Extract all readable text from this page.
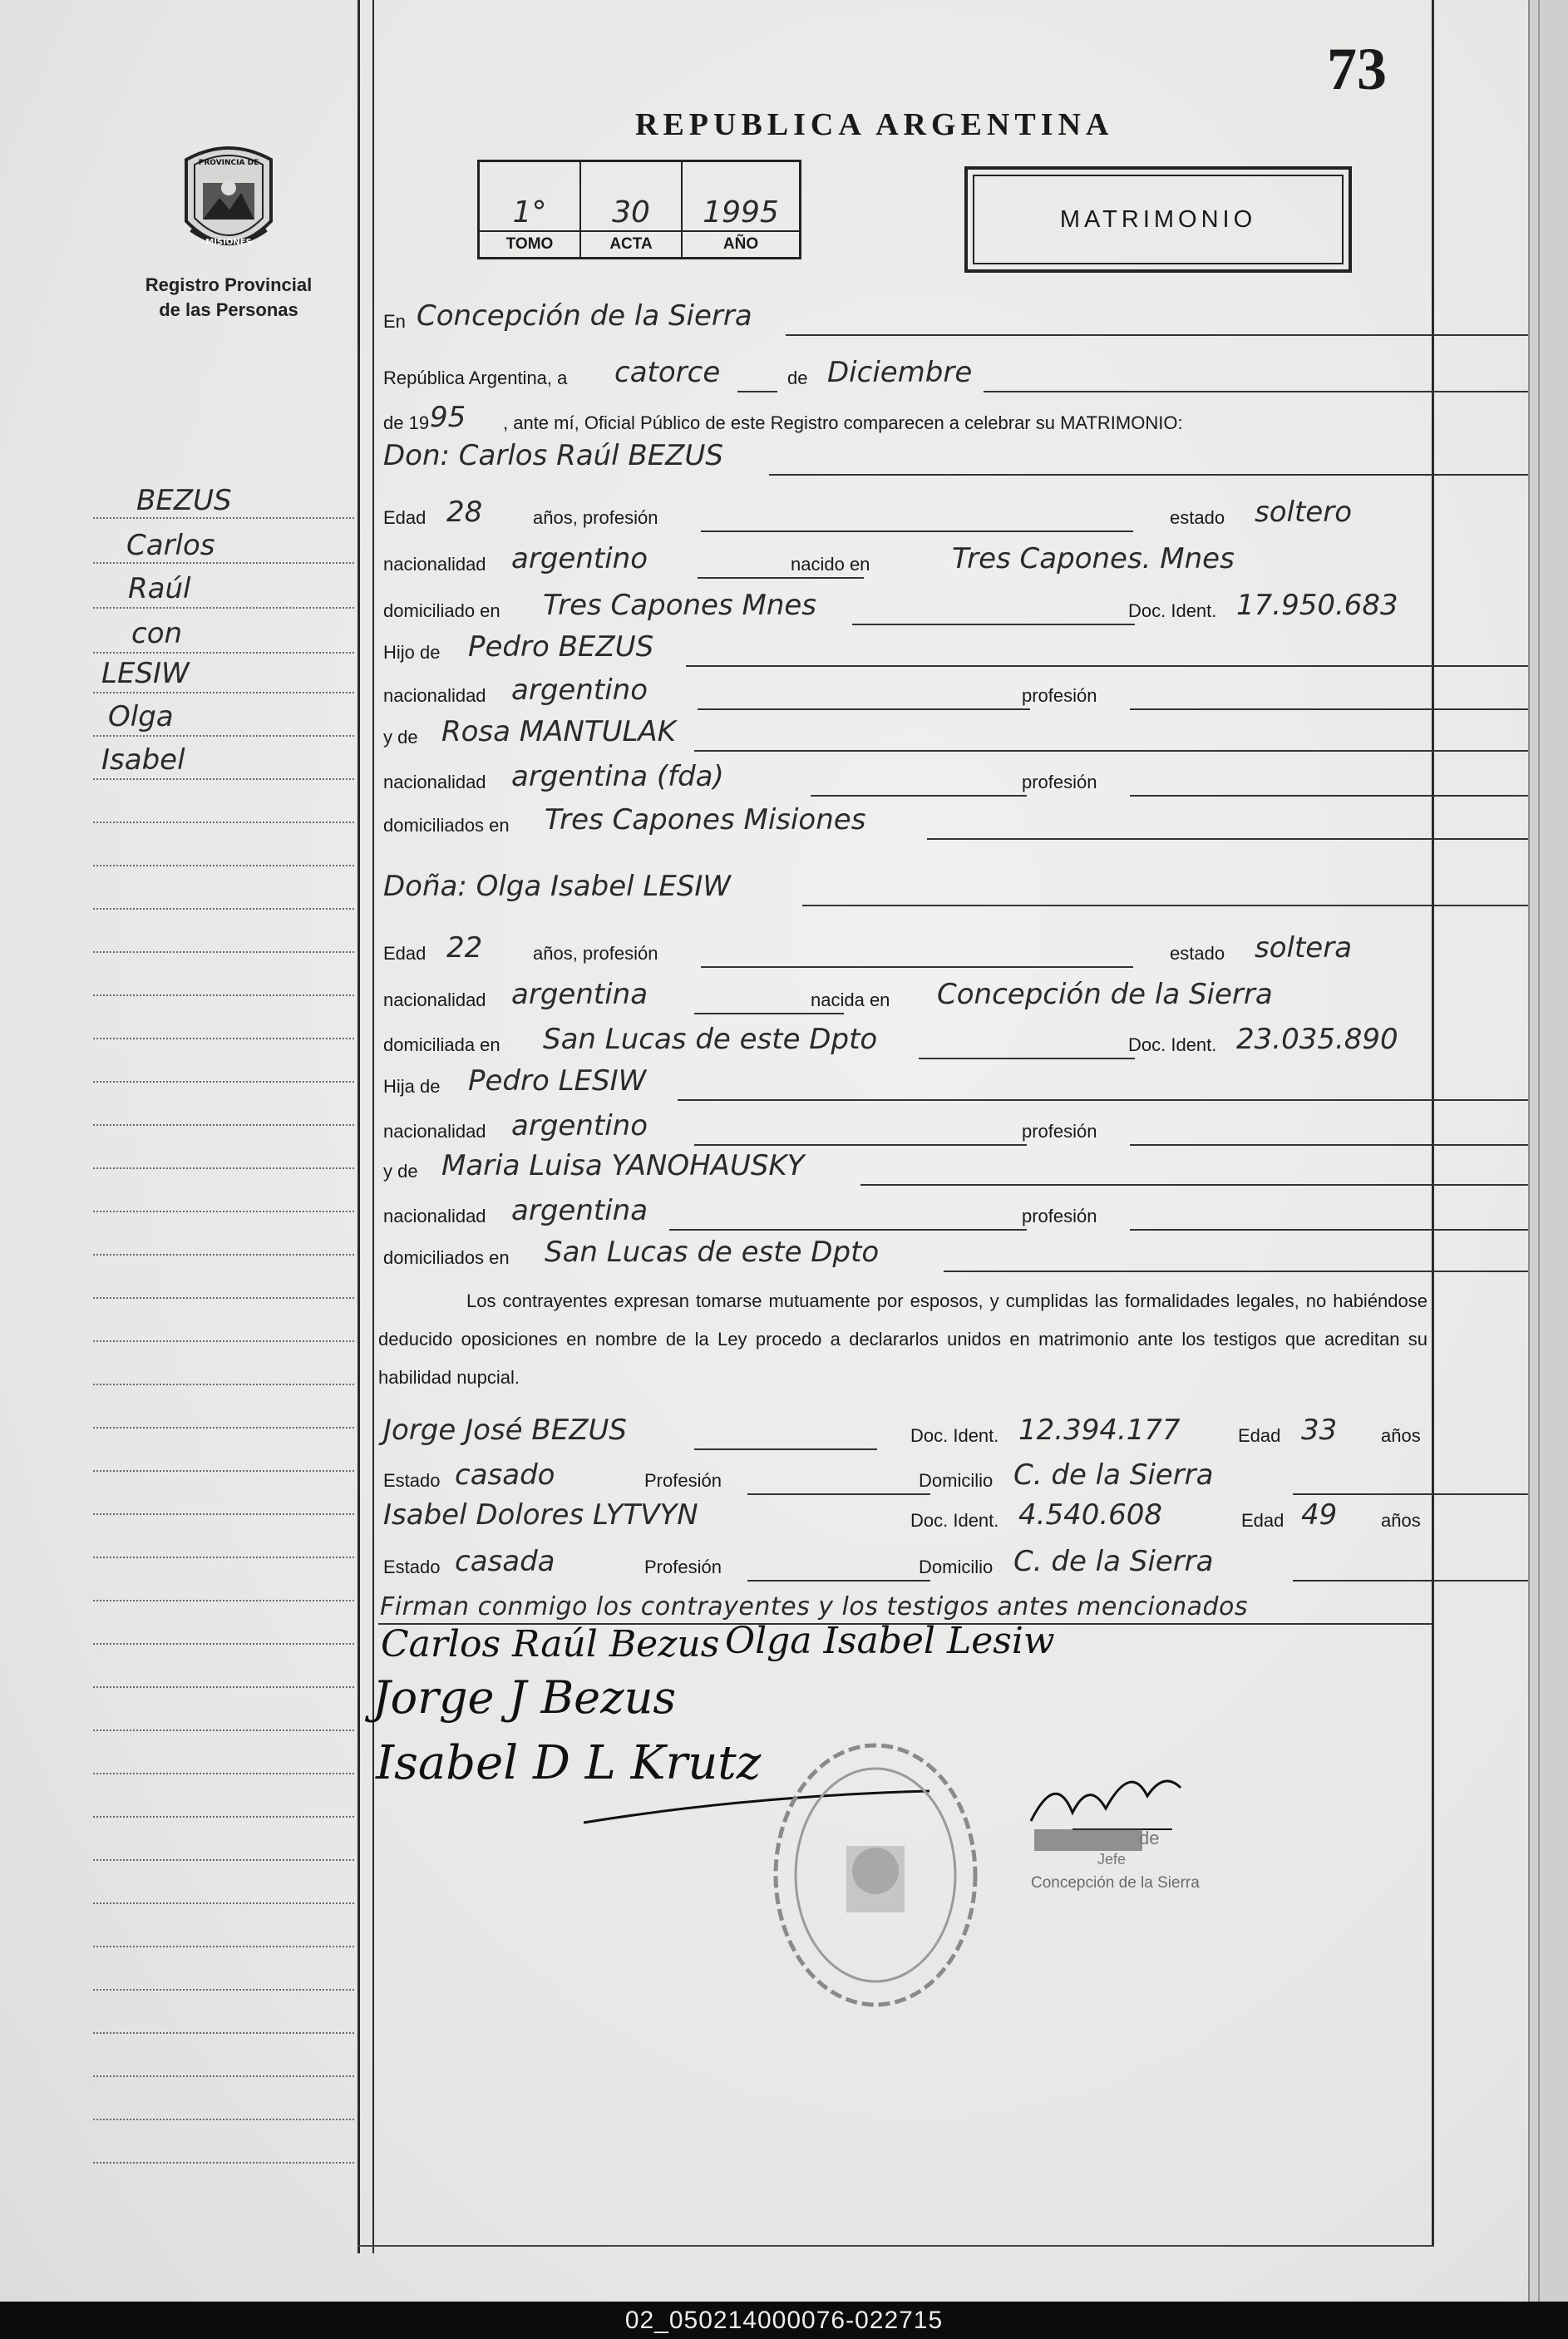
73
REPUBLICA ARGENTINA
PROVINCIA DE
MISIONES
Registro Provincial
de las Personas
1°
TOMO
30
ACTA
1995
AÑO
MATRIMONIO
BEZUS
Carlos
Raúl
con
LESIW
Olga
Isabel
En Concepción de la Sierra
República Argentina, a catorce	de Diciembre
de 19 95 , ante mí, Oficial Público de este Registro comparecen a celebrar su MATRIMONIO:
Don: Carlos Raúl BEZUS
Edad 28	años, profesión	estado soltero
nacionalidad argentino	nacido en	Tres Capones. Mnes
domiciliado en Tres Capones Mnes	Doc. Ident. 17.950.683
Hijo de Pedro BEZUS
nacionalidad argentino	profesión
y de Rosa MANTULAK
nacionalidad argentina (fda)	profesión
domiciliados en Tres Capones Misiones
Doña: Olga Isabel LESIW
Edad 22	años, profesión	estado soltera
nacionalidad argentina	nacida en Concepción de la Sierra
domiciliada en San Lucas de este Dpto	Doc. Ident. 23.035.890
Hija de Pedro LESIW
nacionalidad argentino	profesión
y de Maria Luisa YANOHAUSKY
nacionalidad argentina	profesión
domiciliados en San Lucas de este Dpto
Los contrayentes expresan tomarse mutuamente por esposos, y cumplidas las formalidades legales, no habiéndose deducido oposiciones en nombre de la Ley procedo a declararlos unidos en matrimonio ante los testigos que acreditan su habilidad nupcial.
Jorge José BEZUS	Doc. Ident. 12.394.177	Edad 33 años
Estado casado	Profesión	Domicilio C. de la Sierra
Isabel Dolores LYTVYN	Doc. Ident. 4.540.608	Edad 49 años
Estado casada	Profesión	Domicilio C. de la Sierra
Firman conmigo los contrayentes y los testigos antes mencionados
Carlos Raúl Bezus Olga Isabel Lesiw
Jorge J Bezus
Isabel D L Krutz
de
Jefe
Concepción de la Sierra
02_050214000076-022715
